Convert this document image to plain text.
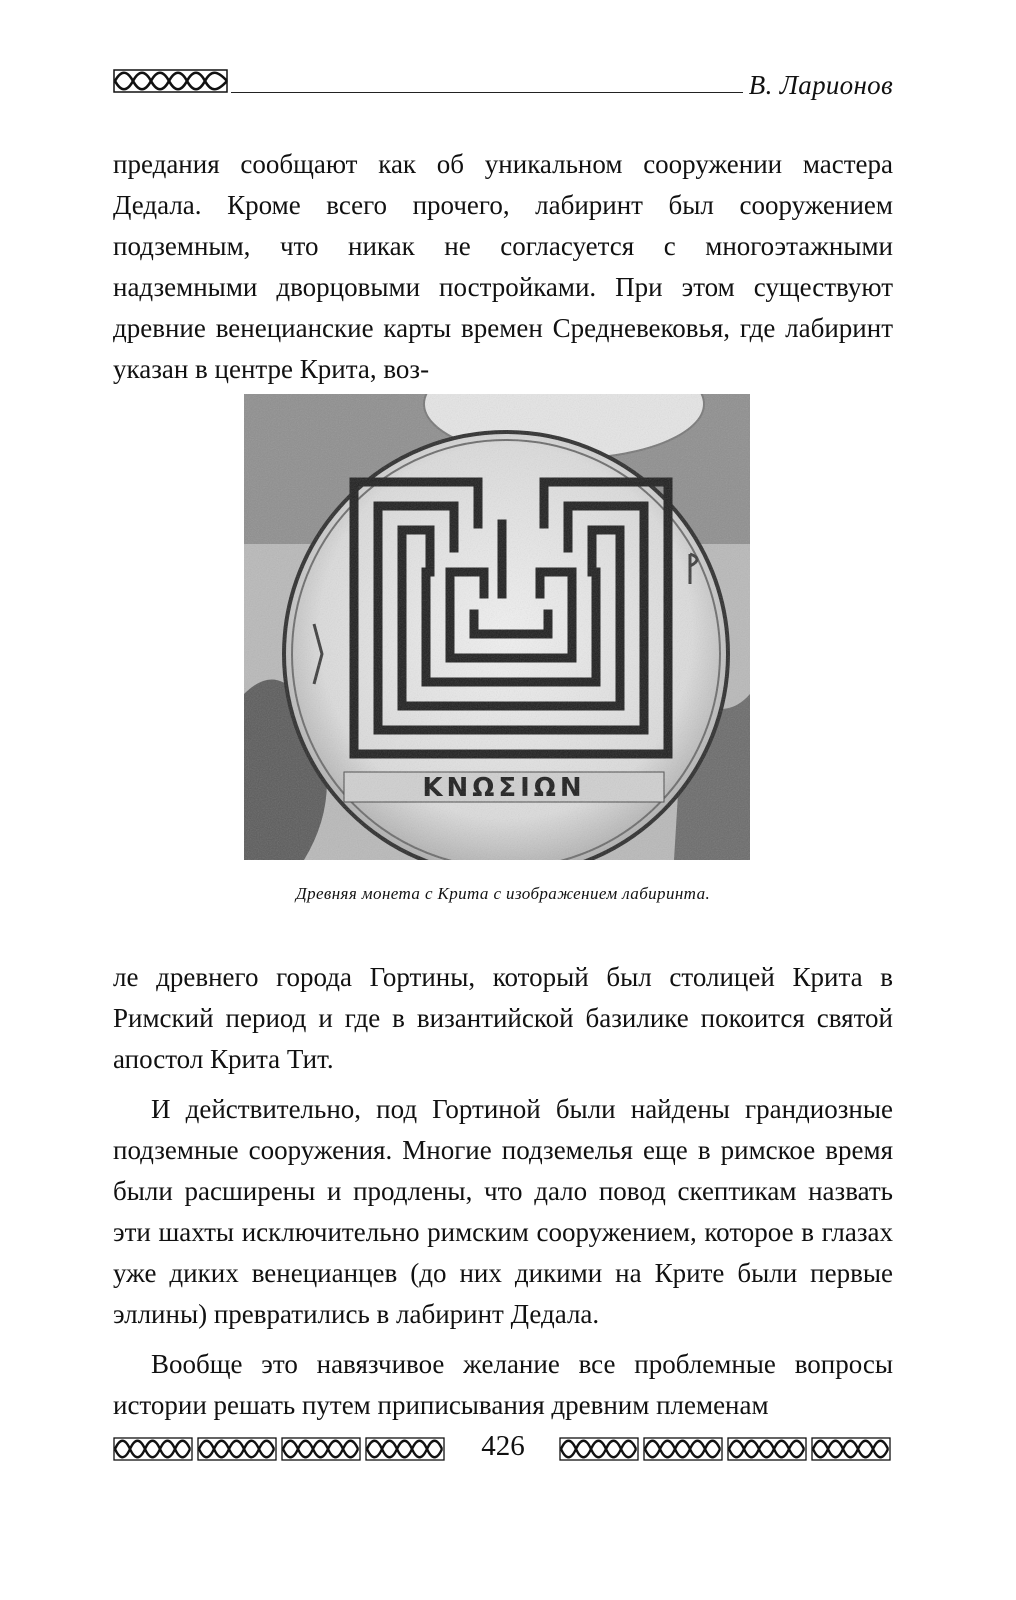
В. Ларионов

предания сообщают как об уникальном сооружении мастера Дедала. Кроме всего прочего, лабиринт был сооружением подземным, что никак не согласуется с многоэтажными надземными дворцовыми постройками. При этом существуют древние венецианские карты времен Средневековья, где лабиринт указан в центре Крита, воз-

Древняя монета с Крита с изображением лабиринта.

ле древнего города Гортины, который был столицей Крита в Римский период и где в византийской базилике покоится святой апостол Крита Тит.

И действительно, под Гортиной были найдены грандиозные подземные сооружения. Многие подземелья еще в римское время были расширены и продлены, что дало повод скептикам назвать эти шахты исключительно римским сооружением, которое в глазах уже диких венецианцев (до них дикими на Крите были первые эллины) превратились в лабиринт Дедала.

Вообще это навязчивое желание все проблемные вопросы истории решать путем приписывания древним племенам

426
